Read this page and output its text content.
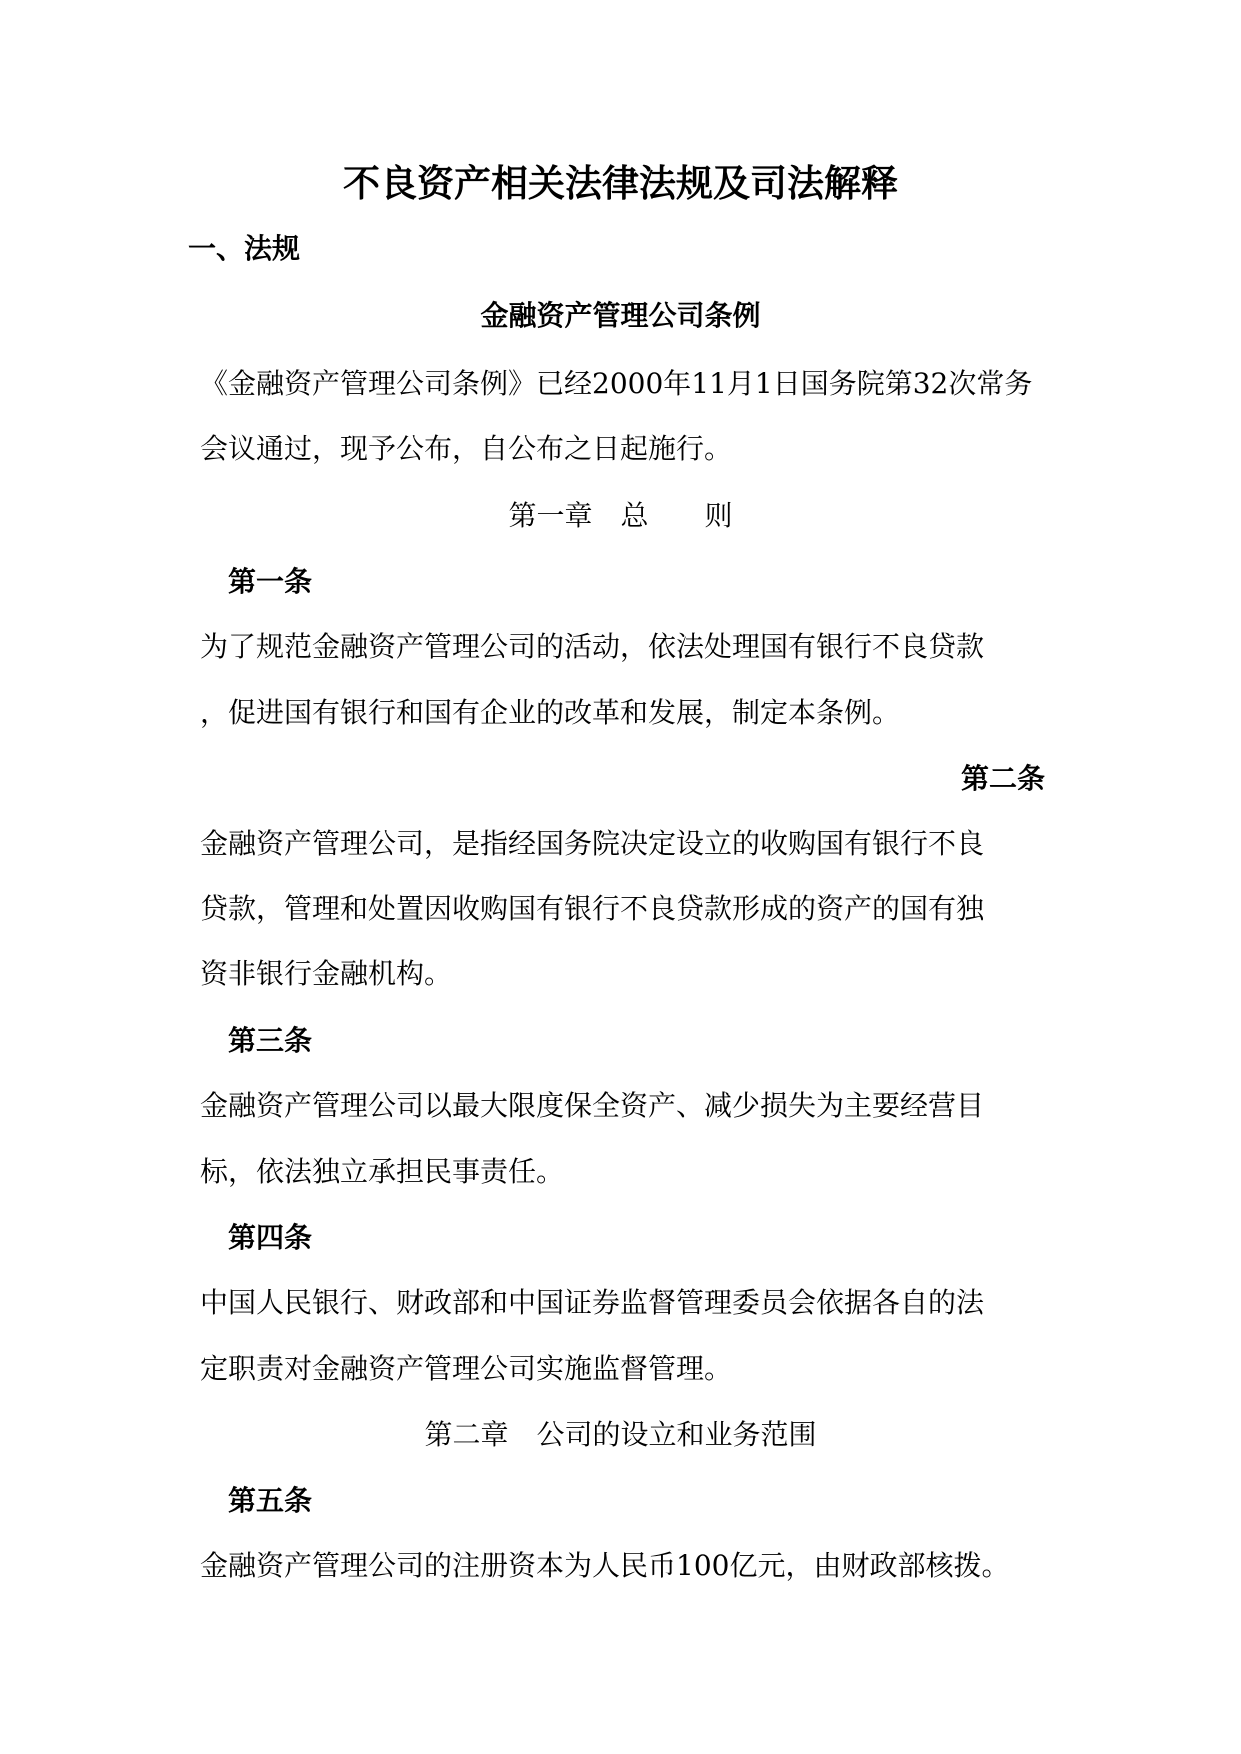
不良资产相关法律法规及司法解释
一、法规
金融资产管理公司条例
《金融资产管理公司条例》已经2000年11月1日国务院第32次常务
会议通过，现予公布，自公布之日起施行。
第一章　总　　则
第一条
为了规范金融资产管理公司的活动，依法处理国有银行不良贷款
，促进国有银行和国有企业的改革和发展，制定本条例。
第二条
金融资产管理公司，是指经国务院决定设立的收购国有银行不良
贷款，管理和处置因收购国有银行不良贷款形成的资产的国有独
资非银行金融机构。
第三条
金融资产管理公司以最大限度保全资产、减少损失为主要经营目
标，依法独立承担民事责任。
第四条
中国人民银行、财政部和中国证券监督管理委员会依据各自的法
定职责对金融资产管理公司实施监督管理。
第二章　公司的设立和业务范围
第五条
金融资产管理公司的注册资本为人民币100亿元，由财政部核拨。
